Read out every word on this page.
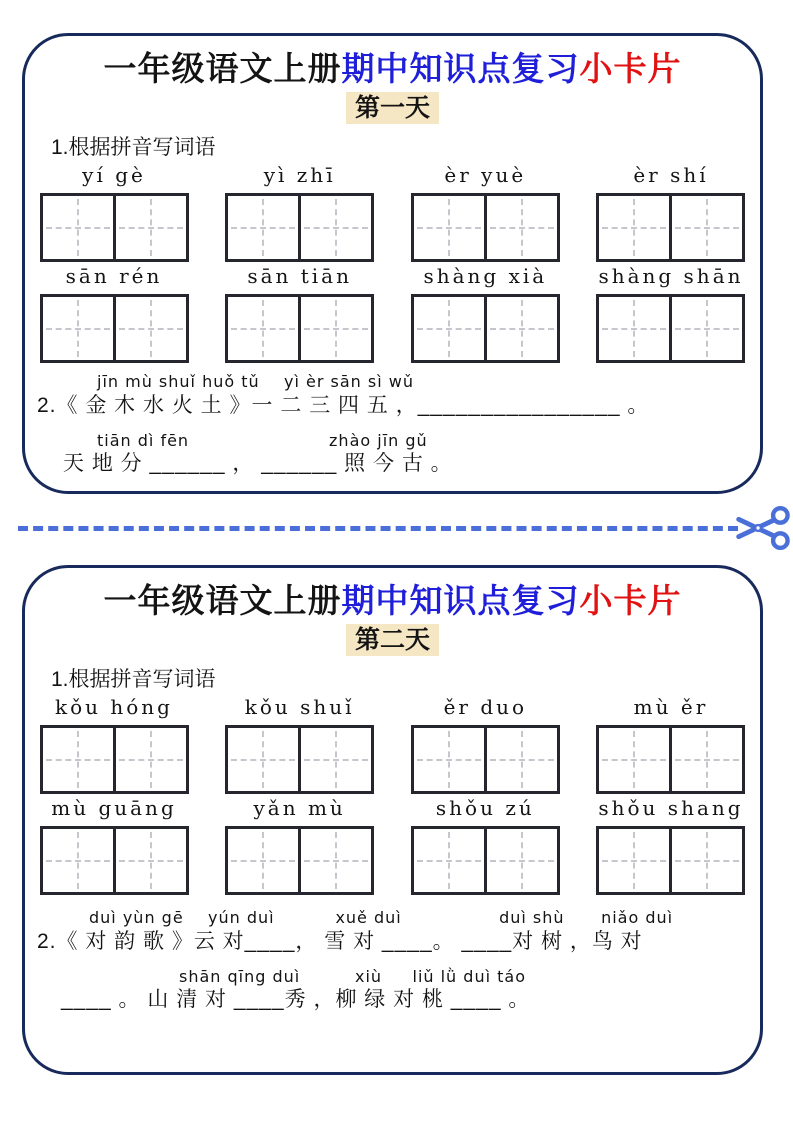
一年级语文上册期中知识点复习小卡片
第一天
1.根据拼音写词语
yí gè	yì zhī	èr yuè	èr shí
sān rén	sān tiān	shàng xià	shàng shān
jīn mù shuǐ huǒ tǔ    yì èr sān sì wǔ
2.《 金 木 水 火 土 》一 二 三 四 五 ，________________ 。
tiān dì fēn                       zhào jīn gǔ
天 地 分 ______ ， ______ 照 今 古 。
一年级语文上册期中知识点复习小卡片
第二天
1.根据拼音写词语
kǒu hóng	kǒu shuǐ	ěr duo	mù ěr
mù guāng	yǎn mù	shǒu zú	shǒu shang
duì yùn gē    yún duì          xuě duì                duì shù      niǎo duì
2.《 对 韵 歌 》云 对____， 雪 对 ____。 ____对 树 ，鸟 对
shān qīng duì         xiù     liǔ lǜ duì táo
____ 。 山 清 对 ____秀 ，柳 绿 对 桃 ____ 。
